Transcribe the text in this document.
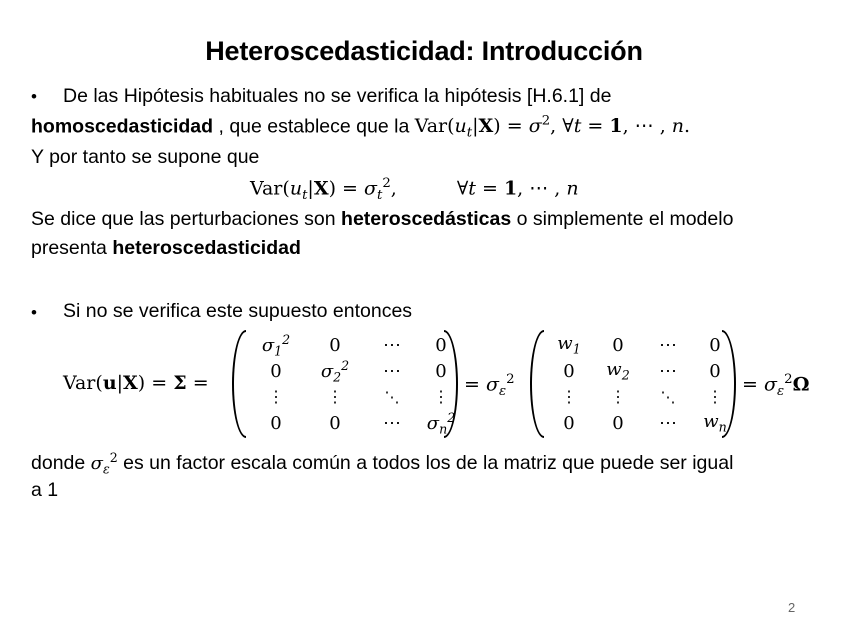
Heteroscedasticidad: Introducción
• De las Hipótesis habituales no se verifica la hipótesis [H.6.1] de
homoscedasticidad , que establece que la $Var(u_t|X) = \sigma^2$, ∀t = 1, ⋯ , n.
Y por tanto se supone que
$Var(u_t|X) = \sigma_t^2$,	∀t = 1, ⋯ , n
Se dice que las perturbaciones son heteroscedásticas o simplemente el modelo
presenta heteroscedasticidad
• Si no se verifica este supuesto entonces
Var(u|X) = Σ =
$\sigma_1^2$	0	⋯	0
0	$\sigma_2^2$	⋯	0
⋮	⋮	⋱	⋮
0	0	⋯	$\sigma_n^2$
= $\sigma_\varepsilon^2$
$w_1$	0	⋯	0
0	$w_2$	⋯	0
⋮	⋮	⋱	⋮
0	0	⋯	$w_n$
= $\sigma_\varepsilon^2\Omega$
donde $\sigma_\varepsilon^2$ es un factor escala común a todos los de la matriz que puede ser igual
a 1
2
